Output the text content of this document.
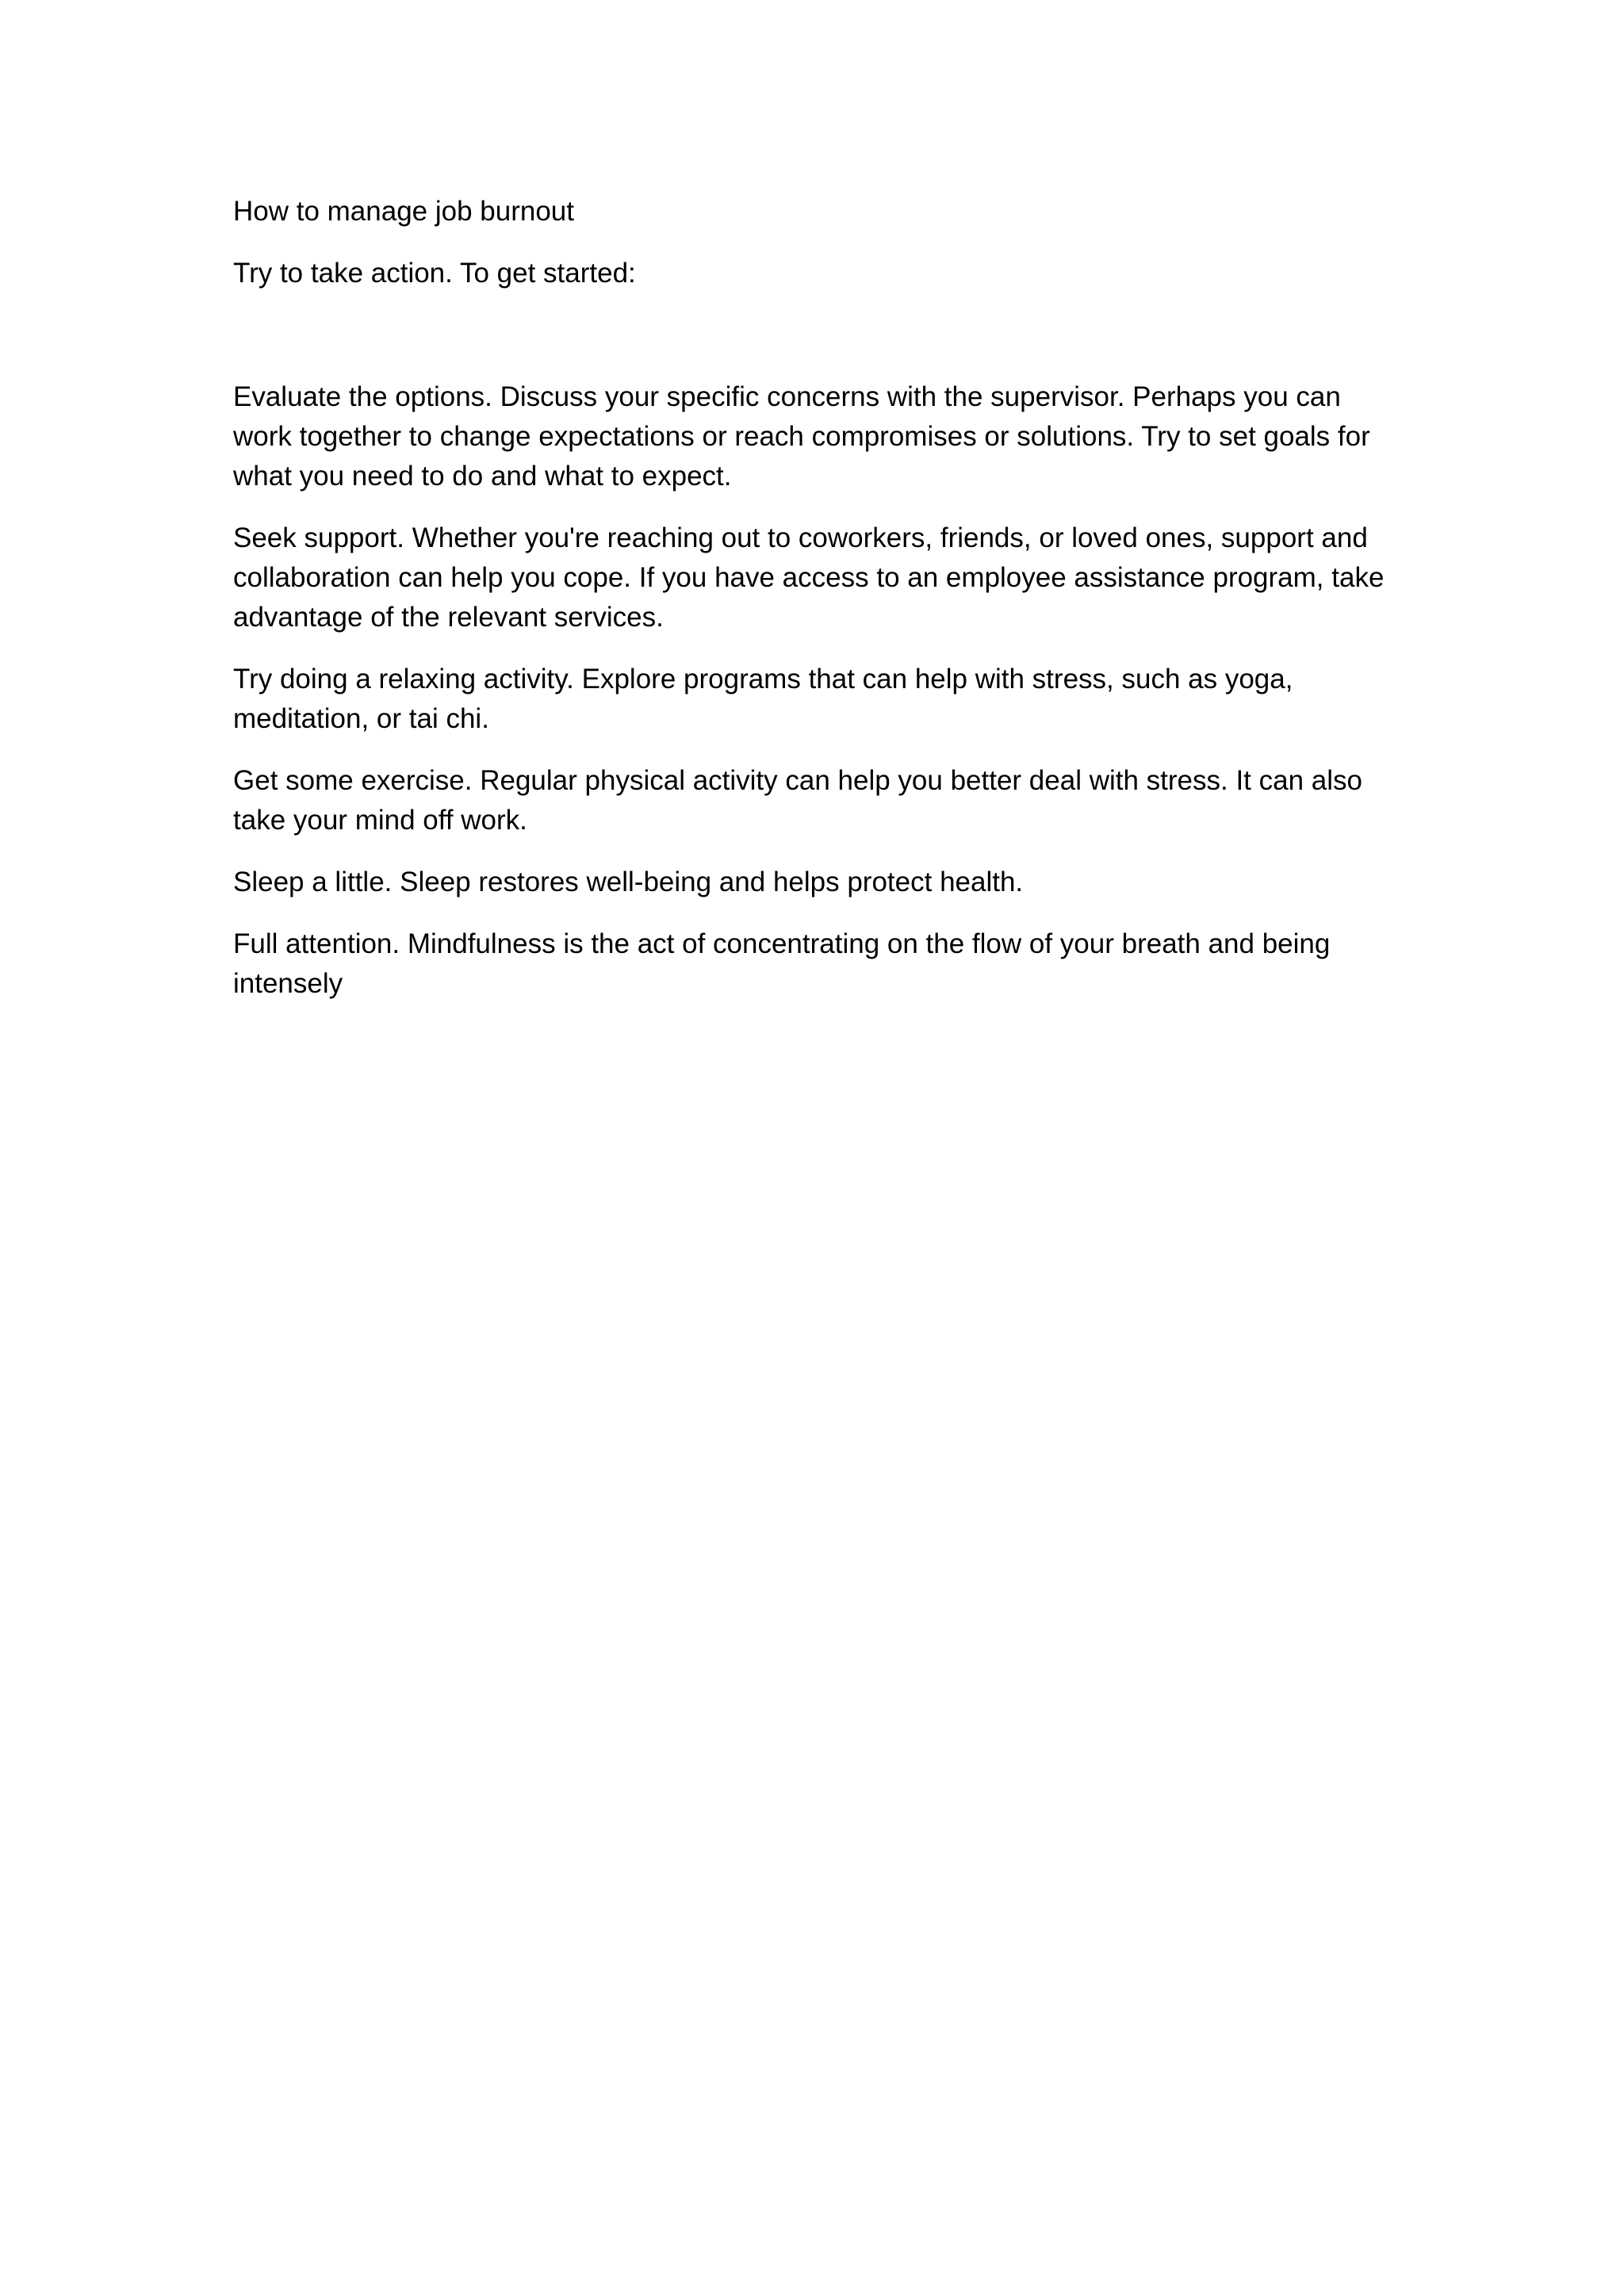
How to manage job burnout

Try to take action. To get started:

Evaluate the options. Discuss your specific concerns with the supervisor. Perhaps you can work together to change expectations or reach compromises or solutions. Try to set goals for what you need to do and what to expect.

Seek support. Whether you're reaching out to coworkers, friends, or loved ones, support and collaboration can help you cope. If you have access to an employee assistance program, take advantage of the relevant services.

Try doing a relaxing activity. Explore programs that can help with stress, such as yoga, meditation, or tai chi.

Get some exercise. Regular physical activity can help you better deal with stress. It can also take your mind off work.

Sleep a little. Sleep restores well-being and helps protect health.

Full attention. Mindfulness is the act of concentrating on the flow of your breath and being intensely
